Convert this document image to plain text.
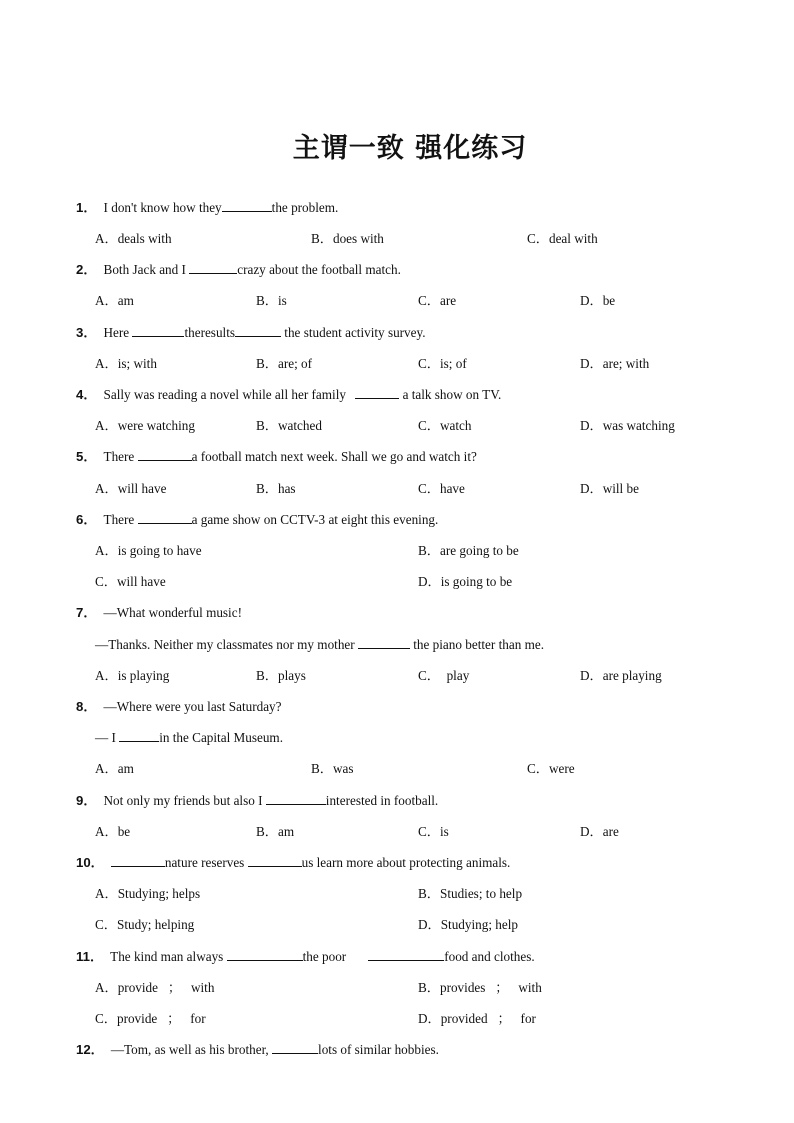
主谓一致 强化练习
1． I don't know how they	the problem.
A．deals with	B．does with	C．deal with
2． Both Jack and I	crazy about the football match.
A．am	B．is	C．are	D．be
3． Here	theresults	the student activity survey.
A．is; with	B．are; of	C．is; of	D．are; with
4． Sally was reading a novel while all her family	a talk show on TV.
A．were watching	B．watched	C．watch	D．was watching
5． There	a football match next week. Shall we go and watch it?
A．will have	B．has	C．have	D．will be
6． There	a game show on CCTV-3 at eight this evening.
A．is going to have	B．are going to be
C．will have	D．is going to be
7． —What wonderful music!
—Thanks. Neither my classmates nor my mother	the piano better than me.
A．is playing	B．plays	C．  play	D．are playing
8． —Where were you last Saturday?
— I	in the Capital Museum.
A．am	B．was	C．were
9． Not only my friends but also I	interested in football.
A．be	B．am	C．is	D．are
10．	nature reserves	us learn more about protecting animals.
A．Studying; helps	B．Studies; to help
C．Study; helping	D．Studying; help
11． The kind man always	the poor	food and clothes.
A．provide   ；   with	B．provides   ；   with
C．provide   ；   for	D．provided   ；   for
12． —Tom, as well as his brother,	lots of similar hobbies.
